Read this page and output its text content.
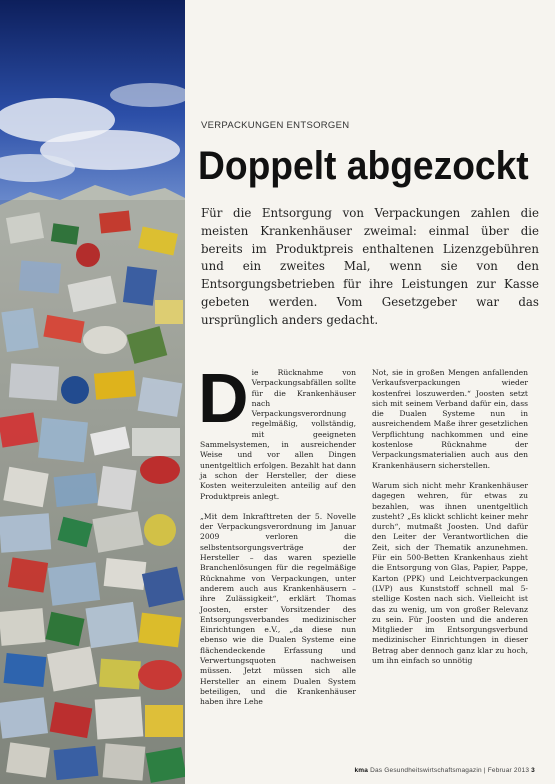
VERPACKUNGEN ENTSORGEN
Doppelt abgezockt

Für die Entsorgung von Verpackungen zahlen die meisten Krankenhäuser zweimal: einmal über die bereits im Produktpreis enthaltenen Lizenzgebühren und ein zweites Mal, wenn sie von den Entsorgungsbetrieben für ihre Leistungen zur Kasse gebeten werden. Vom Gesetzgeber war das ursprünglich anders gedacht.

Die Rücknahme von Verpackungsabfällen sollte für die Krankenhäuser nach Verpackungsverordnung regelmäßig, vollständig, mit geeigneten Sammelsystemen, in ausreichender Weise und vor allen Dingen unentgeltlich erfolgen. Bezahlt hat dann ja schon der Hersteller, der diese Kosten weiterzuleiten anteilig auf den Produktpreis anlegt.

„Mit dem Inkrafttreten der 5. Novelle der Verpackungsverordnung im Januar 2009 verloren die selbstentsorgungsverträge der Hersteller – das waren spezielle Branchenlösungen für die regelmäßige Rücknahme von Verpackungen, unter anderem auch aus Krankenhäusern – ihre Zulässigkeit“, erklärt Thomas Joosten, erster Vorsitzender des Entsorgungsverbandes medizinischer Einrichtungen e.V., „da diese nun ebenso wie die Dualen Systeme eine flächendeckende Erfassung und Verwertungsquoten nachweisen müssen. Jetzt müssen sich alle Hersteller an einem Dualen System beteiligen, und die Krankenhäuser haben ihre Lehe

Not, sie in großen Mengen anfallenden Verkaufsverpackungen wieder kostenfrei loszuwerden.“ Joosten setzt sich mit seinem Verband dafür ein, dass die Dualen Systeme nun in ausreichendem Maße ihrer gesetzlichen Verpflichtung nachkommen und eine kostenlose Rücknahme der Verpackungsmaterialien auch aus den Krankenhäusern sicherstellen.

Warum sich nicht mehr Krankenhäuser dagegen wehren, für etwas zu bezahlen, was ihnen unentgeltlich zusteht? „Es klickt schlicht keiner mehr durch“, mutmaßt Joosten. Und dafür den Leiter der Verantwortlichen die Zeit, sich der Thematik anzunehmen. Für ein 500-Betten Krankenhaus zieht die Entsorgung von Glas, Papier, Pappe, Karton (PPK) und Leichtverpackungen (LVP) aus Kunststoff schnell mal 5-stellige Kosten nach sich. Vielleicht ist das zu wenig, um von großer Relevanz zu sein. Für Joosten und die anderen Mitglieder im Entsorgungsverbund medizinischer Einrichtungen in dieser Betrag aber dennoch ganz klar zu hoch, um ihn einfach so unnötig

kma Das Gesundheitswirtschaftsmagazin | Februar 2013 3
